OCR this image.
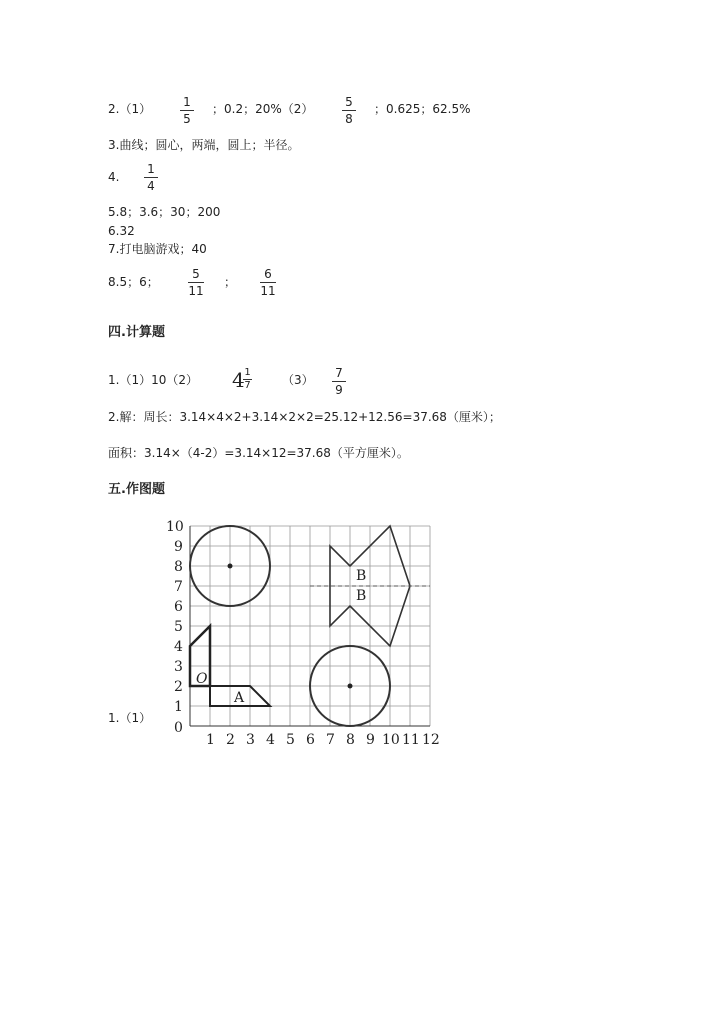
2.（1）	1
5
；0.2；20%（2）	5
8
；0.625；62.5%
3.曲线；圆心，两端，圆上；半径。
4.
1
4
5.8；3.6；30；200
6.32
7.打电脑游戏；40
8.5；6；
5
11
；
6
11
四.计算题
1.（1）10（2） 4 1
7	（3） 7
9
2.解：周长：3.14×4×2+3.14×2×2=25.12+12.56=37.68（厘米）；
面积：3.14×（4-2）=3.14×12=37.68（平方厘米）。
五.作图题
1.（1）
0
1 2 3 4 5 6 7 8 9 10 11 12
1
2
3
4
5
6
7
8
9
10
A
O
B
B
